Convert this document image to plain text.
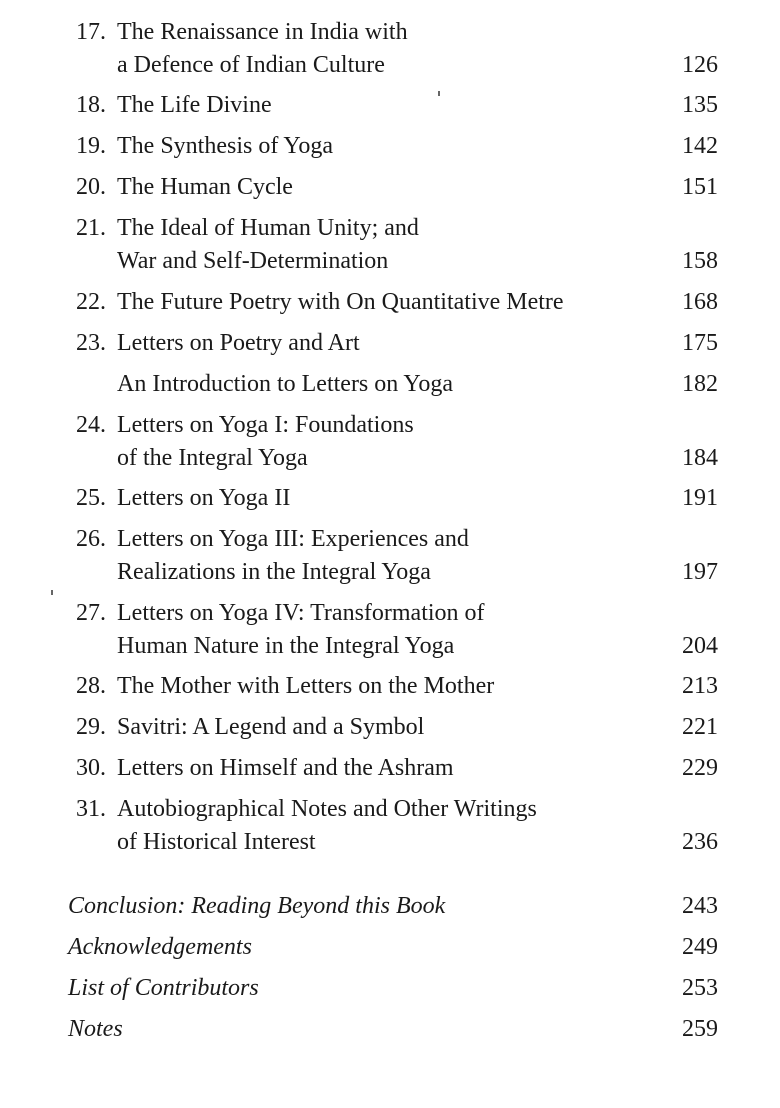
17. The Renaissance in India with
a Defence of Indian Culture	126
18. The Life Divine	135
19. The Synthesis of Yoga	142
20. The Human Cycle	151
21. The Ideal of Human Unity; and
War and Self-Determination	158
22. The Future Poetry with On Quantitative Metre	168
23. Letters on Poetry and Art	175
An Introduction to Letters on Yoga	182
24. Letters on Yoga I: Foundations
of the Integral Yoga	184
25. Letters on Yoga II	191
26. Letters on Yoga III: Experiences and
Realizations in the Integral Yoga	197
27. Letters on Yoga IV: Transformation of
Human Nature in the Integral Yoga	204
28. The Mother with Letters on the Mother	213
29. Savitri: A Legend and a Symbol	221
30. Letters on Himself and the Ashram	229
31. Autobiographical Notes and Other Writings
of Historical Interest	236
Conclusion: Reading Beyond this Book	243
Acknowledgements	249
List of Contributors	253
Notes	259
